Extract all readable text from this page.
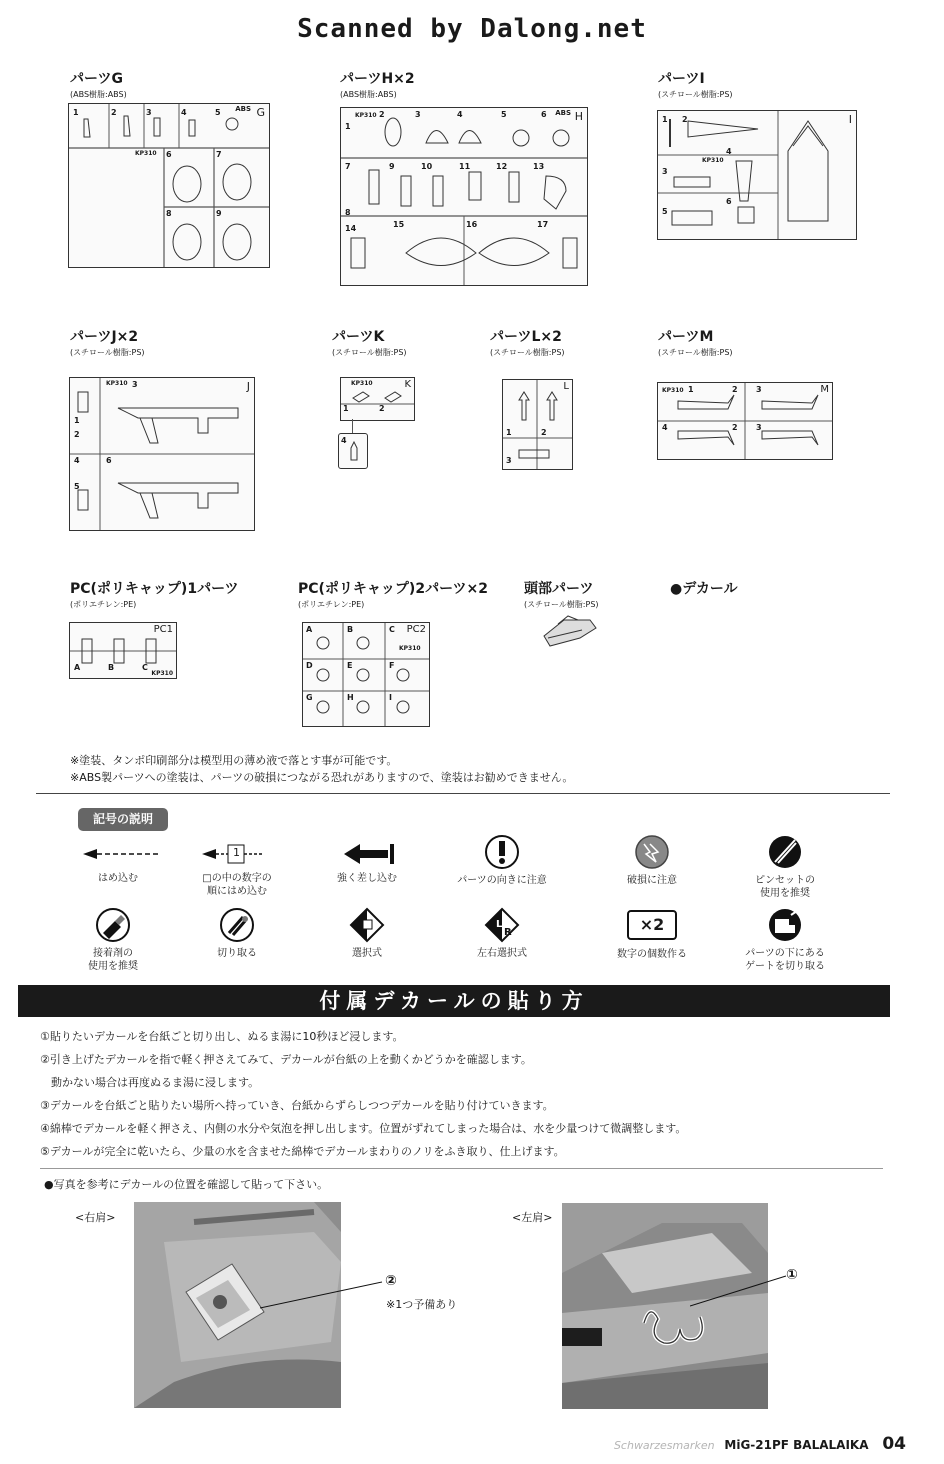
Scanned by Dalong.net
パーツG
(ABS樹脂:ABS)
G
ABS
KP310
1	2	3	4	5
6	7
8	9
パーツH×2
(ABS樹脂:ABS)
H
ABS
KP310
1
2	3	4	5	6
7
8
9	10	11	12	13
14	15	16	17
パーツI
(スチロール樹脂:PS)
I
KP310
1 2
3
4
5
6
パーツJ×2
(スチロール樹脂:PS)
J
KP310 3
1
2
4	6
5
パーツK
(スチロール樹脂:PS)
K
KP310
1	2
4
パーツL×2
(スチロール樹脂:PS)
L
1	2
3
パーツM
(スチロール樹脂:PS)
M
KP310 1	2 3
4	2 3
PC(ポリキャップ)1パーツ
(ポリエチレン:PE)
PC1
KP310
A	B	C
PC(ポリキャップ)2パーツ×2
(ポリエチレン:PE)
PC2
KP310
A	B	C
D	E	F
G	H	I
頭部パーツ
(スチロール樹脂:PS)
●デカール
※塗装、タンポ印刷部分は模型用の薄め液で落とす事が可能です。
※ABS製パーツへの塗装は、パーツの破損につながる恐れがありますので、塗装はお勧めできません。
記号の説明
はめ込む
1
□の中の数字の
順にはめ込む
強く差し込む	パーツの向きに注意	破損に注意	ピンセットの
使用を推奨
接着剤の
使用を推奨
切り取る	選択式
L
R
左右選択式
×2
数字の個数作る	パーツの下にある
ゲートを切り取る
付属デカールの貼り方
①貼りたいデカールを台紙ごと切り出し、ぬるま湯に10秒ほど浸します。
②引き上げたデカールを指で軽く押さえてみて、デカールが台紙の上を動くかどうかを確認します。
　動かない場合は再度ぬるま湯に浸します。
③デカールを台紙ごと貼りたい場所へ持っていき、台紙からずらしつつデカールを貼り付けていきます。
④綿棒でデカールを軽く押さえ、内側の水分や気泡を押し出します。位置がずれてしまった場合は、水を少量つけて微調整します。
⑤デカールが完全に乾いたら、少量の水を含ませた綿棒でデカールまわりのノリをふき取り、仕上げます。
●写真を参考にデカールの位置を確認して貼って下さい。
<右肩>
②
※1つ予備あり
<左肩>
①
Schwarzesmarken MiG-21PF BALALAIKA 04
